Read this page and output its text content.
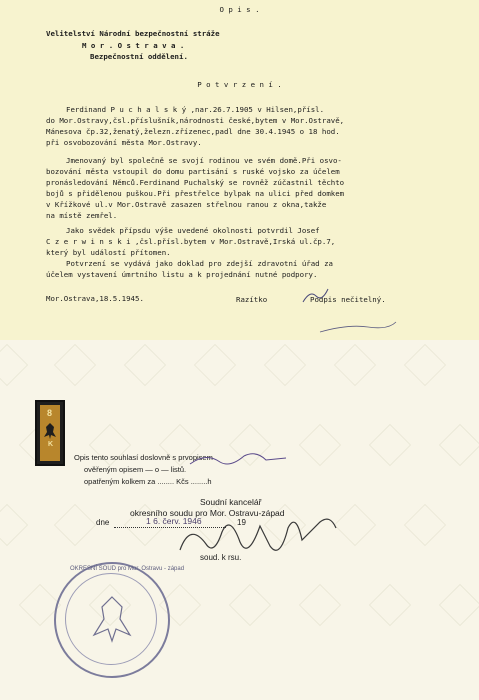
O p i s .
Velitelství Národní bezpečnostní stráže
M o r . O s t r a v a .
Bezpečnostní oddělení.
P o t v r z e n í .
Ferdinand P u c h a l s k ý ,nar.26.7.1905 v Hilsen,přísl.
do Mor.Ostravy,čsl.příslušník,národnosti české,bytem v Mor.Ostravě,
Mánesova čp.32,ženatý,železn.zřízenec,padl dne 30.4.1945 o 18 hod.
při osvobozování města Mor.Ostravy.
Jmenovaný byl společně se svojí rodinou ve svém domě.Při osvo-
bozování města vstoupil do domu partisání s ruské vojsko za účelem
pronásledování Němců.Ferdinand Puchalský se rovněž zúčastnil těchto
bojů s přidělenou puškou.Při přestřelce bylpak na ulici před domkem
v Křížkové ul.v Mor.Ostravě zasazen střelnou ranou z okna,takže
na místě zemřel.
Jako svědek přípsdu výše uvedené okolnosti potvrdil Josef
C z e r w i n s k i ,čsl.přísl.bytem v Mor.Ostravě,Irská ul.čp.7,
který byl událostí přítomen.
Potvrzení se vydává jako doklad pro zdejší zdravotní úřad za
účelem vystavení úmrtního listu a k projednání nutné podpory.
Mor.Ostrava,18.5.1945.	Razítko	Podpis nečitelný.
8
K
Opis tento souhlasí doslovně s prvopisem
ověřeným opisem — o — listů.
opatřeným kolkem za ........ Kčs ........h
Soudní kancelář
okresního soudu pro Mor. Ostravu-západ
dne	1 6. červ. 1946	19
soud. k rsu.
OKRESNÍ SOUD pro Mor. Ostravu - západ
